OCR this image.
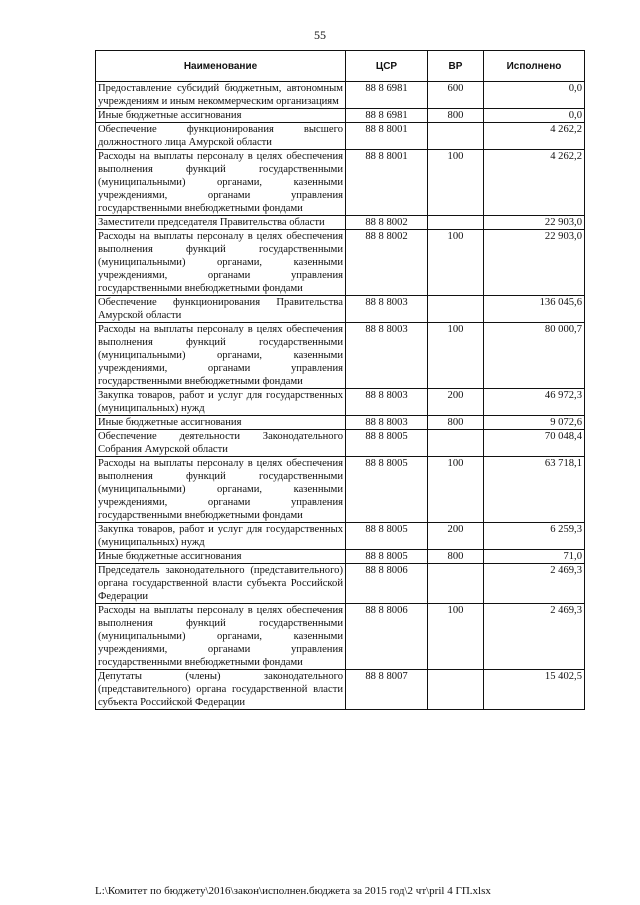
55
Наименование	ЦСР	ВР	Исполнено
Предоставление субсидий бюджетным, автономным учреждениям и иным некоммерческим организациям	88 8 6981	600	0,0
Иные бюджетные ассигнования	88 8 6981	800	0,0
Обеспечение функционирования высшего должностного лица Амурской области	88 8 8001		4 262,2
Расходы на выплаты персоналу в целях обеспечения выполнения функций государственными (муниципальными) органами, казенными учреждениями, органами управления государственными внебюджетными фондами	88 8 8001	100	4 262,2
Заместители председателя Правительства области	88 8 8002		22 903,0
Расходы на выплаты персоналу в целях обеспечения выполнения функций государственными (муниципальными) органами, казенными учреждениями, органами управления государственными внебюджетными фондами	88 8 8002	100	22 903,0
Обеспечение функционирования Правительства Амурской области	88 8 8003		136 045,6
Расходы на выплаты персоналу в целях обеспечения выполнения функций государственными (муниципальными) органами, казенными учреждениями, органами управления государственными внебюджетными фондами	88 8 8003	100	80 000,7
Закупка товаров, работ и услуг для государственных (муниципальных) нужд	88 8 8003	200	46 972,3
Иные бюджетные ассигнования	88 8 8003	800	9 072,6
Обеспечение деятельности Законодательного Собрания Амурской области	88 8 8005		70 048,4
Расходы на выплаты персоналу в целях обеспечения выполнения функций государственными (муниципальными) органами, казенными учреждениями, органами управления государственными внебюджетными фондами	88 8 8005	100	63 718,1
Закупка товаров, работ и услуг для государственных (муниципальных) нужд	88 8 8005	200	6 259,3
Иные бюджетные ассигнования	88 8 8005	800	71,0
Председатель законодательного (представительного) органа государственной власти субъекта Российской Федерации	88 8 8006		2 469,3
Расходы на выплаты персоналу в целях обеспечения выполнения функций государственными (муниципальными) органами, казенными учреждениями, органами управления государственными внебюджетными фондами	88 8 8006	100	2 469,3
Депутаты (члены) законодательного (представительного) органа государственной власти субъекта Российской Федерации	88 8 8007		15 402,5
L:\Комитет по бюджету\2016\закон\исполнен.бюджета за 2015 год\2 чт\pril 4 ГП.xlsx
